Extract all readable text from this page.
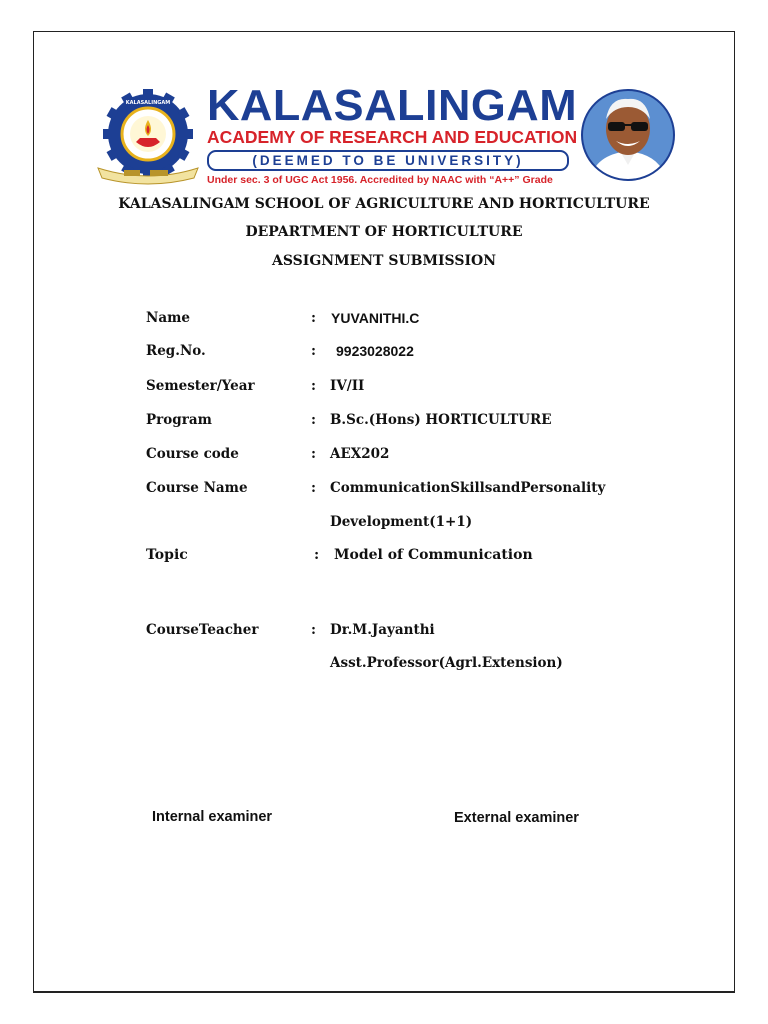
KALASALINGAM KALASALINGAM
ACADEMY OF RESEARCH AND EDUCATION
(DEEMED TO BE UNIVERSITY)
Under sec. 3 of UGC Act 1956. Accredited by NAAC with “A++” Grade
KALASALINGAM SCHOOL OF AGRICULTURE AND HORTICULTURE
DEPARTMENT OF HORTICULTURE
ASSIGNMENT SUBMISSION
Name	: YUVANITHI.C
Reg.No.	: 9923028022
Semester/Year	: IV/II
Program	: B.Sc.(Hons) HORTICULTURE
Course code	: AEX202
Course Name	: CommunicationSkillsandPersonality
Development(1+1)
Topic	: Model of Communication
CourseTeacher	: Dr.M.Jayanthi
Asst.Professor(Agrl.Extension)
Internal examiner	External examiner
